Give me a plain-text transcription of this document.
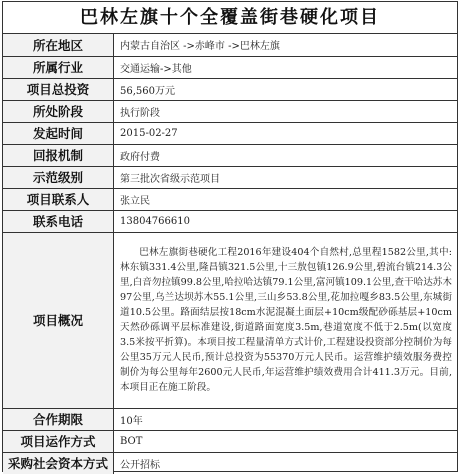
巴林左旗十个全覆盖街巷硬化项目
所在地区	内蒙古自治区 ->赤峰市 ->巴林左旗
所属行业	交通运输->其他
项目总投资	56,560万元
所处阶段	执行阶段
发起时间	2015-02-27
回报机制	政府付费
示范级别	第三批次省级示范项目
项目联系人	张立民
联系电话	13804766610
项目概况	巴林左旗街巷硬化工程2016年建设404个自然村,总里程1582公里,其中:林东镇331.4公里,隆昌镇321.5公里,十三敖包镇126.9公里,碧流台镇214.3公里,白音勿拉镇99.8公里,哈拉哈达镇79.1公里,富河镇109.1公里,查干哈达苏木97公里,乌兰达坝苏木55.1公里,三山乡53.8公里,花加拉嘎乡83.5公里,东城街道10.5公里。路面结层按18cm水泥混凝土面层+10cm级配砂砾基层+10cm天然砂砾调平层标准建设,街道路面宽度3.5m,巷道宽度不低于2.5m(以宽度3.5米按平折算)。本项目按工程量清单方式计价,工程建设投资部分控制价为每公里35万元人民币,预计总投资为55370万元人民币。运营维护绩效服务费控制价为每公里每年2600元人民币,年运营维护绩效费用合计411.3万元。目前,本项目正在施工阶段。

合作期限	10年
项目运作方式	BOT
采购社会资本方式	公开招标
